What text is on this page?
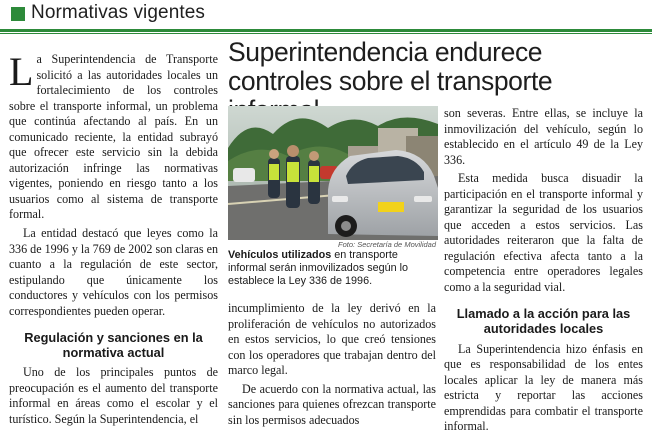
Normativas vigentes
Superintendencia endurece controles sobre el transporte

La Superintendencia de Transporte solicitó a las autoridades locales un fortalecimiento de los controles sobre el transporte informal, un problema que continúa afectando al país. En un comunicado reciente, la entidad subrayó que ofrecer este servicio sin la debida autorización infringe las normativas vigentes, poniendo en riesgo tanto a los usuarios como al sistema de transporte formal.

La entidad destacó que leyes como la 336 de 1996 y la 769 de 2002 son claras en cuanto a la regulación de este sector, estipulando que únicamente los conductores y vehículos con los permisos correspondientes pueden operar.

Regulación y sanciones en la normativa actual

Uno de los principales puntos de preocupación es el aumento del transporte informal en áreas como el escolar y el turístico. Según la Superintendencia, el

Foto: Secretaría de Movilidad
Vehículos utilizados en transporte informal serán inmovilizados según lo establece la Ley 336 de 1996.

incumplimiento de la ley derivó en la proliferación de vehículos no autorizados en estos servicios, lo que creó tensiones con los operadores que trabajan dentro del marco legal.

De acuerdo con la normativa actual, las sanciones para quienes ofrezcan transporte sin los permisos adecuados

son severas. Entre ellas, se incluye la inmovilización del vehículo, según lo establecido en el artículo 49 de la Ley 336.

Esta medida busca disuadir la participación en el transporte informal y garantizar la seguridad de los usuarios que acceden a estos servicios. Las autoridades reiteraron que la falta de regulación efectiva afecta tanto a la competencia entre operadores legales como a la seguridad vial.

Llamado a la acción para las autoridades locales

La Superintendencia hizo énfasis en que es responsabilidad de los entes locales aplicar la ley de manera más estricta y reportar las acciones emprendidas para combatir el transporte informal.
